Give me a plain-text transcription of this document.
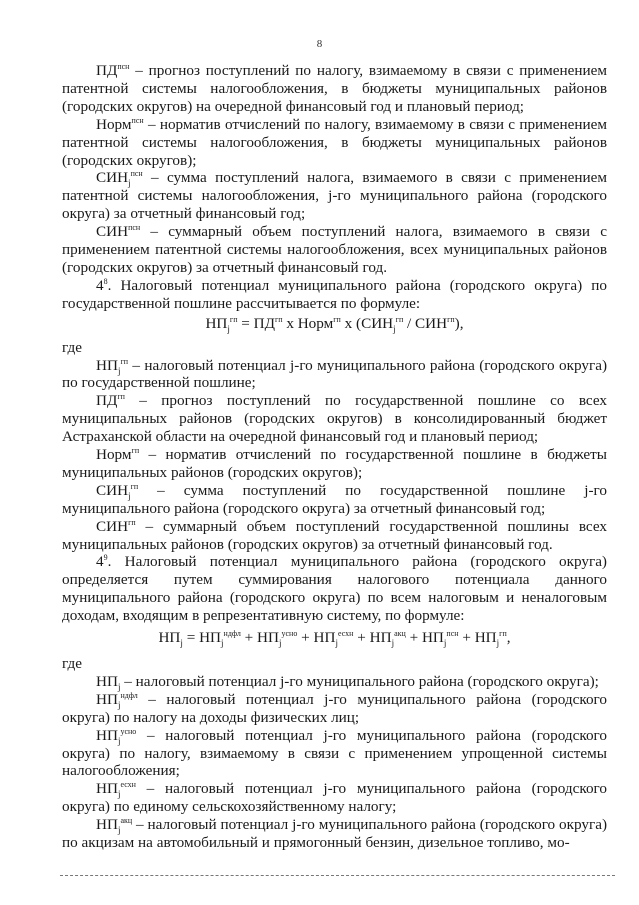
8

$ПД^{псн}$ – прогноз поступлений по налогу, взимаемому в связи с применением патентной системы налогообложения, в бюджеты муниципальных районов (городских округов) на очередной финансовый год и плановый период;

Норм$^{псн}$ – норматив отчислений по налогу, взимаемому в связи с применением патентной системы налогообложения, в бюджеты муниципальных районов (городских округов);

$СИН_j^{псн}$ – сумма поступлений налога, взимаемого в связи с применением патентной системы налогообложения, j-го муниципального района (городского округа) за отчетный финансовый год;

$СИН^{псн}$ – суммарный объем поступлений налога, взимаемого в связи с применением патентной системы налогообложения, всех муниципальных районов (городских округов) за отчетный финансовый год.

$4^8$. Налоговый потенциал муниципального района (городского округа) по государственной пошлине рассчитывается по формуле:

$НП_j^{гп} = ПД^{гп}$ х Норм$^{гп}$ х $(СИН_j^{гп} / СИН^{гп})$,

где

$НП_j^{гп}$ – налоговый потенциал j-го муниципального района (городского округа) по государственной пошлине;

$ПД^{гп}$ – прогноз поступлений по государственной пошлине со всех муниципальных районов (городских округов) в консолидированный бюджет Астраханской области на очередной финансовый год и плановый период;

Норм$^{гп}$ – норматив отчислений по государственной пошлине в бюджеты муниципальных районов (городских округов);

$СИН_j^{гп}$ – сумма поступлений по государственной пошлине j-го муниципального района (городского округа) за отчетный финансовый год;

$СИН^{гп}$ – суммарный объем поступлений государственной пошлины всех муниципальных районов (городских округов) за отчетный финансовый год.

$4^9$. Налоговый потенциал муниципального района (городского округа) определяется путем суммирования налогового потенциала данного муниципального района (городского округа) по всем налоговым и неналоговым доходам, входящим в репрезентативную систему, по формуле:

$НП_j = НП_j^{ндфл} + НП_j^{усно} + НП_j^{есхн} + НП_j^{акц} + НП_j^{псн} + НП_j^{гп}$,

где

$НП_j$ – налоговый потенциал j-го муниципального района (городского округа);

$НП_j^{ндфл}$ – налоговый потенциал j-го муниципального района (городского округа) по налогу на доходы физических лиц;

$НП_j^{усно}$ – налоговый потенциал j-го муниципального района (городского округа) по налогу, взимаемому в связи с применением упрощенной системы налогообложения;

$НП_j^{есхн}$ – налоговый потенциал j-го муниципального района (городского округа) по единому сельскохозяйственному налогу;

$НП_j^{акц}$ – налоговый потенциал j-го муниципального района (городского округа) по акцизам на автомобильный и прямогонный бензин, дизельное топливо, мо-
